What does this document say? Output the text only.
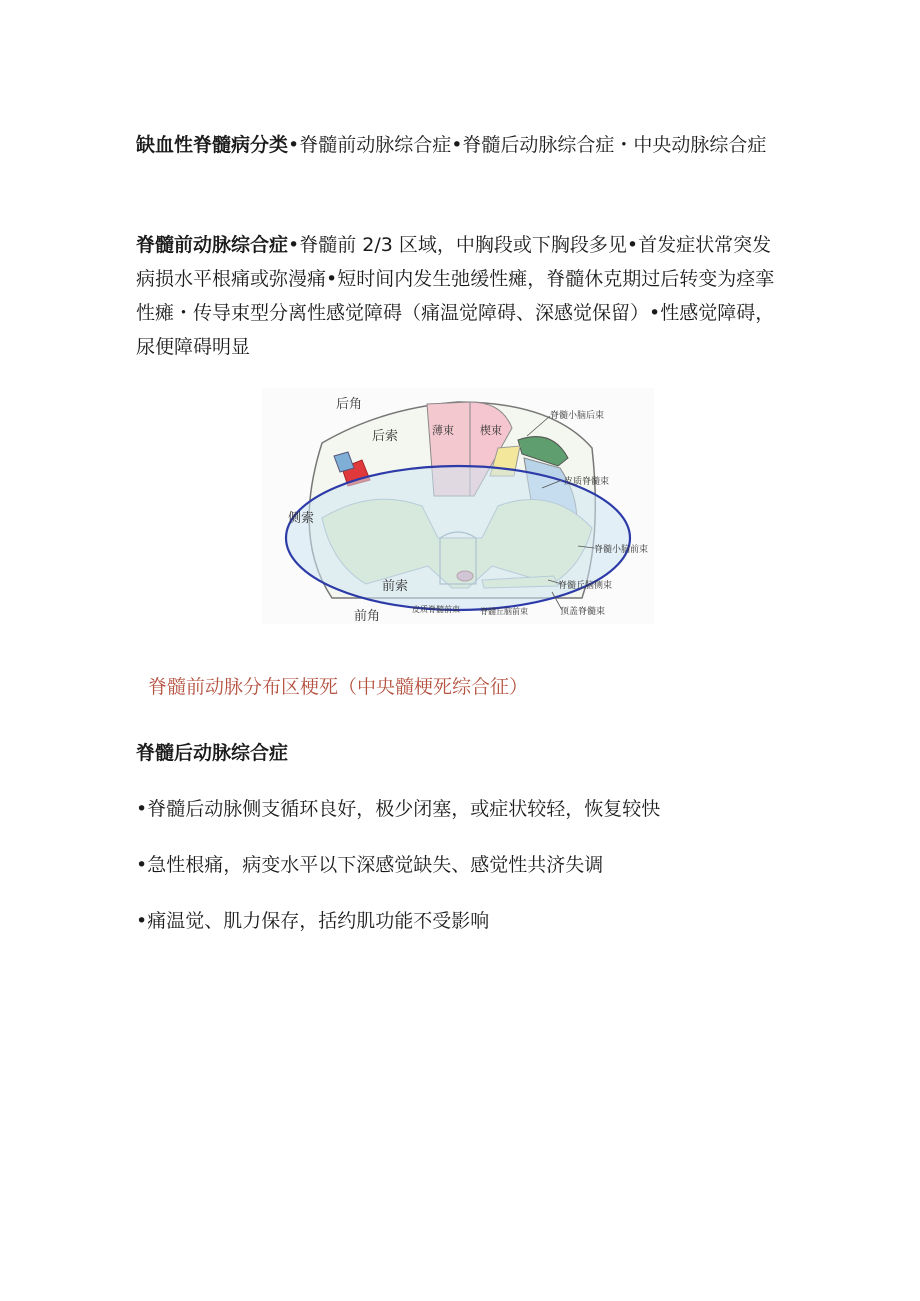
缺血性脊髓病分类•脊髓前动脉综合症•脊髓后动脉综合症・中央动脉综合症

脊髓前动脉综合症•脊髓前 2/3 区域，中胸段或下胸段多见•首发症状常突发病损水平根痛或弥漫痛•短时间内发生弛缓性瘫，脊髓休克期过后转变为痉挛性瘫・传导束型分离性感觉障碍（痛温觉障碍、深感觉保留）•性感觉障碍，尿便障碍明显

后角
后索	薄束 楔束
侧索
前索
前角
脊髓小脑后束
皮质脊髓束
脊髓小脑前束
脊髓丘脑侧束
顶盖脊髓束
皮质脊髓前束	脊髓丘脑前束

脊髓前动脉分布区梗死（中央髓梗死综合征）

脊髓后动脉综合症

•脊髓后动脉侧支循环良好，极少闭塞，或症状较轻，恢复较快

•急性根痛，病变水平以下深感觉缺失、感觉性共济失调

•痛温觉、肌力保存，括约肌功能不受影响
